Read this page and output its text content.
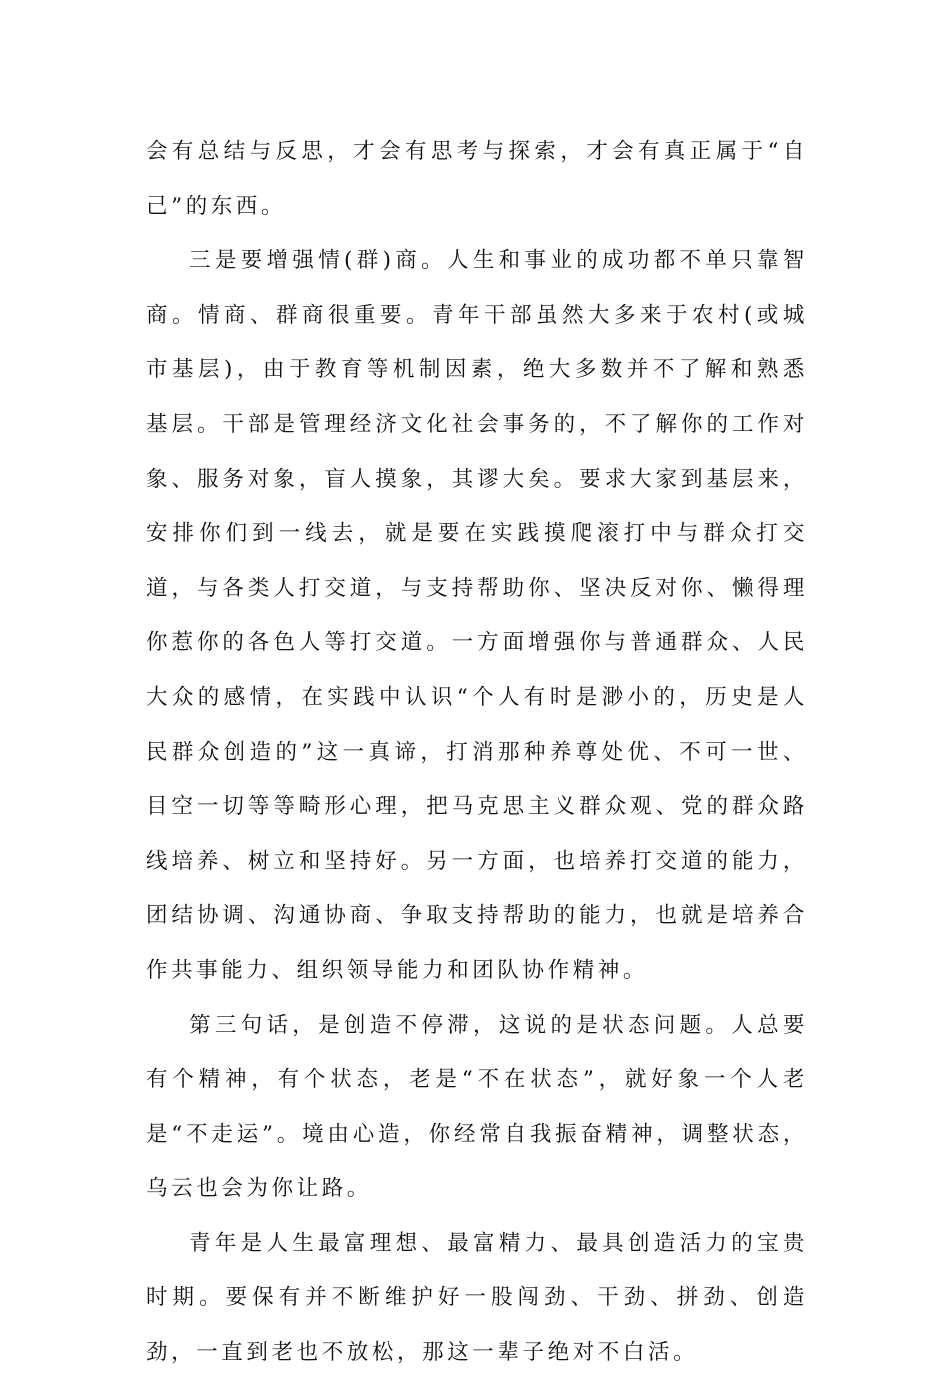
会有总结与反思，才会有思考与探索，才会有真正属于“自己”的东西。

三是要增强情(群)商。人生和事业的成功都不单只靠智商。情商、群商很重要。青年干部虽然大多来于农村(或城市基层)，由于教育等机制因素，绝大多数并不了解和熟悉基层。干部是管理经济文化社会事务的，不了解你的工作对象、服务对象，盲人摸象，其谬大矣。要求大家到基层来，安排你们到一线去，就是要在实践摸爬滚打中与群众打交道，与各类人打交道，与支持帮助你、坚决反对你、懒得理你惹你的各色人等打交道。一方面增强你与普通群众、人民大众的感情，在实践中认识“个人有时是渺小的，历史是人民群众创造的”这一真谛，打消那种养尊处优、不可一世、目空一切等等畸形心理，把马克思主义群众观、党的群众路线培养、树立和坚持好。另一方面，也培养打交道的能力，团结协调、沟通协商、争取支持帮助的能力，也就是培养合作共事能力、组织领导能力和团队协作精神。

第三句话，是创造不停滞，这说的是状态问题。人总要有个精神，有个状态，老是“不在状态”，就好象一个人老是“不走运”。境由心造，你经常自我振奋精神，调整状态，乌云也会为你让路。

青年是人生最富理想、最富精力、最具创造活力的宝贵时期。要保有并不断维护好一股闯劲、干劲、拼劲、创造劲，一直到老也不放松，那这一辈子绝对不白活。
